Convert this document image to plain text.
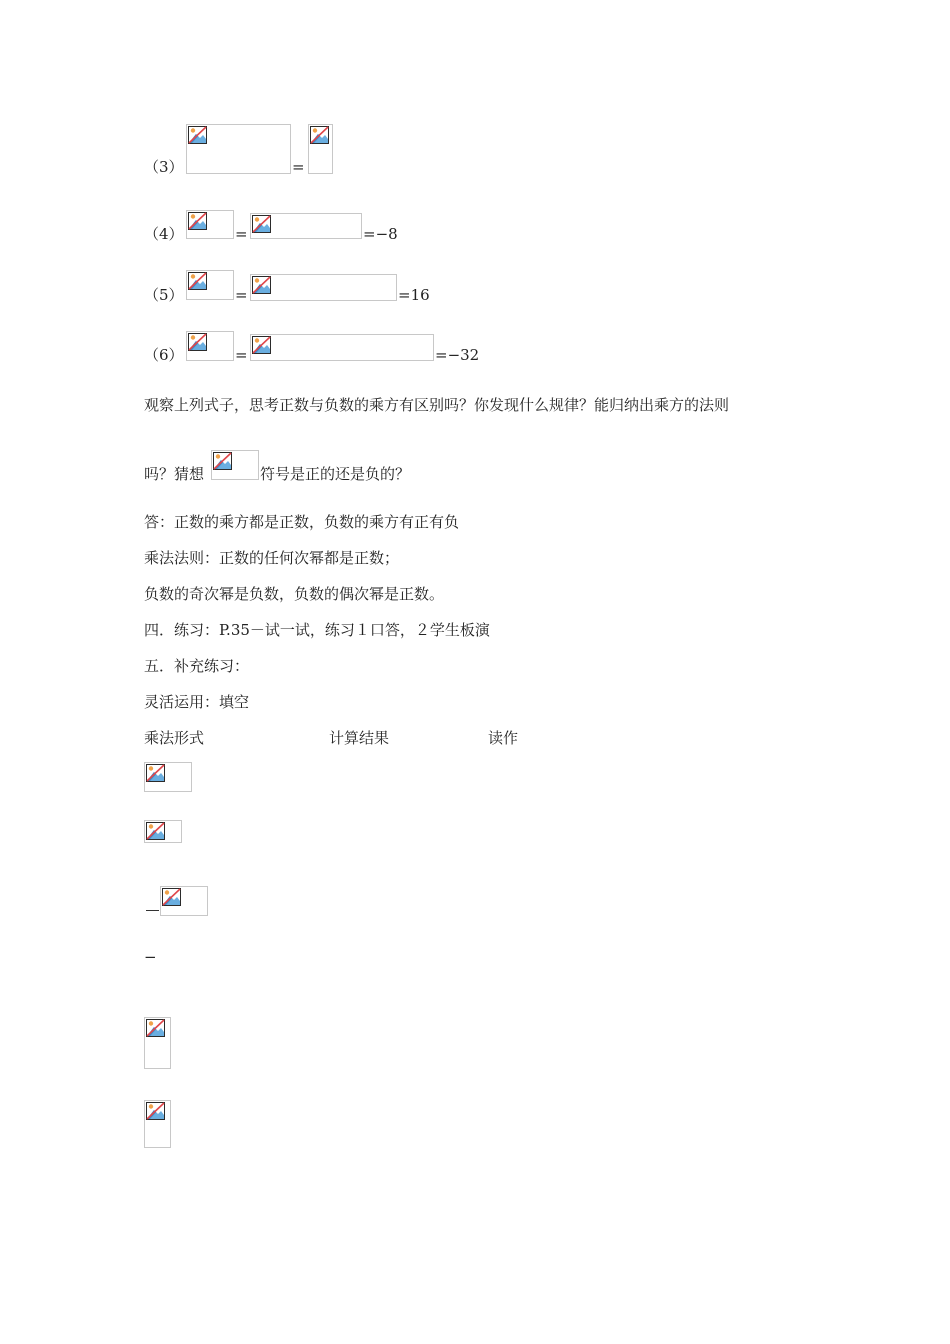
（3）	=
（4）	=	=−8
（5）	=	=16
（6）	=	=−32
观察上列式子，思考正数与负数的乘方有区别吗？你发现什么规律？能归纳出乘方的法则
吗？猜想	符号是正的还是负的？
答：正数的乘方都是正数，负数的乘方有正有负
乘法法则：正数的任何次幂都是正数；
负数的奇次幂是负数，负数的偶次幂是正数。
四．练习：P.35－试一试，练习１口答，２学生板演
五．补充练习：
灵活运用：填空
乘法形式	计算结果	读作
−
